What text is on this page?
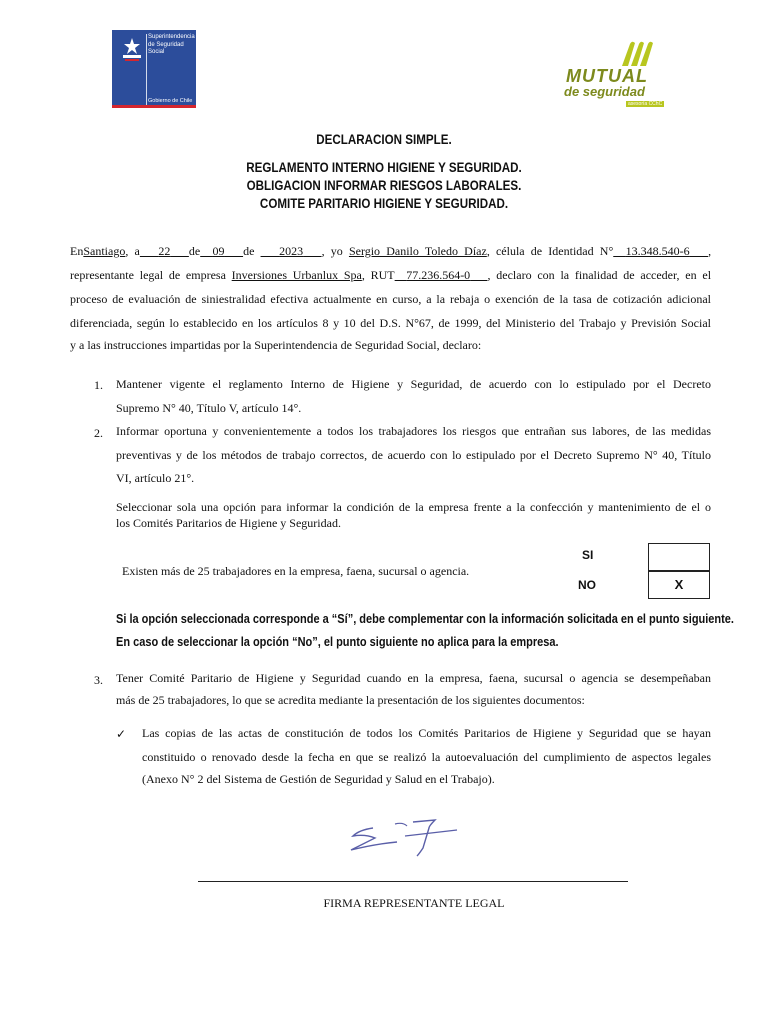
Superintendencia de Seguridad Social
Gobierno de Chile
MUTUAL
de seguridad
asesoría CChC
DECLARACION SIMPLE.
REGLAMENTO INTERNO HIGIENE Y SEGURIDAD.
OBLIGACION INFORMAR RIESGOS LABORALES.
COMITE PARITARIO HIGIENE Y SEGURIDAD.
EnSantiago, a 22 de 09 de 2023 , yo Sergio Danilo Toledo Díaz, célula de Identidad N° 13.348.540-6 ,
representante legal de empresa Inversiones Urbanlux Spa, RUT 77.236.564-0 , declaro con la finalidad de acceder, en el
proceso de evaluación de siniestralidad efectiva actualmente en curso, a la rebaja o exención de la tasa de cotización adicional
diferenciada, según lo establecido en los artículos 8 y 10 del D.S. N°67, de 1999, del Ministerio del Trabajo y Previsión Social
y a las instrucciones impartidas por la Superintendencia de Seguridad Social, declaro:
1. Mantener vigente el reglamento Interno de Higiene y Seguridad, de acuerdo con lo estipulado por el Decreto
Supremo N° 40, Título V, artículo 14°.
2. Informar oportuna y convenientemente a todos los trabajadores los riesgos que entrañan sus labores, de las medidas
preventivas y de los métodos de trabajo correctos, de acuerdo con lo estipulado por el Decreto Supremo N° 40, Título
VI, artículo 21°.
Seleccionar sola una opción para informar la condición de la empresa frente a la confección y mantenimiento de el o
los Comités Paritarios de Higiene y Seguridad.
Existen más de 25 trabajadores en la empresa, faena, sucursal o agencia.
SI
NO	X
Si la opción seleccionada corresponde a “Sí”, debe complementar con la información solicitada en el punto siguiente.
En caso de seleccionar la opción “No”, el punto siguiente no aplica para la empresa.
3. Tener Comité Paritario de Higiene y Seguridad cuando en la empresa, faena, sucursal o agencia se desempeñaban
más de 25 trabajadores, lo que se acredita mediante la presentación de los siguientes documentos:
✓ Las copias de las actas de constitución de todos los Comités Paritarios de Higiene y Seguridad que se hayan
constituido o renovado desde la fecha en que se realizó la autoevaluación del cumplimiento de aspectos legales
(Anexo N° 2 del Sistema de Gestión de Seguridad y Salud en el Trabajo).
FIRMA REPRESENTANTE LEGAL
